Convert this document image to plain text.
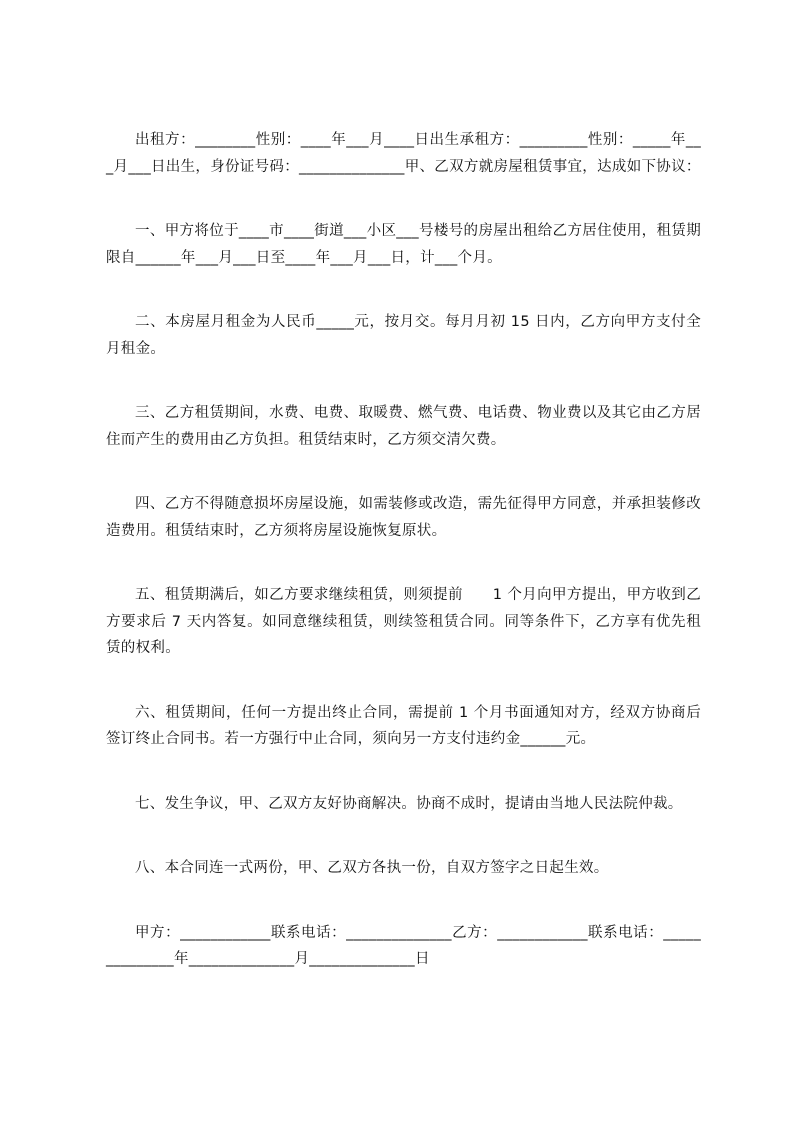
出租方：________性别：____年___月____日出生承租方：_________性别：_____年___月___日出生，身份证号码：______________甲、乙双方就房屋租赁事宜，达成如下协议：

一、甲方将位于____市____街道___小区___号楼号的房屋出租给乙方居住使用，租赁期限自______年___月___日至____年___月___日，计___个月。

二、本房屋月租金为人民币_____元，按月交。每月月初 15 日内，乙方向甲方支付全月租金。

三、乙方租赁期间，水费、电费、取暖费、燃气费、电话费、物业费以及其它由乙方居住而产生的费用由乙方负担。租赁结束时，乙方须交清欠费。

四、乙方不得随意损坏房屋设施，如需装修或改造，需先征得甲方同意，并承担装修改造费用。租赁结束时，乙方须将房屋设施恢复原状。

五、租赁期满后，如乙方要求继续租赁，则须提前　　1 个月向甲方提出，甲方收到乙方要求后 7 天内答复。如同意继续租赁，则续签租赁合同。同等条件下，乙方享有优先租赁的权利。

六、租赁期间，任何一方提出终止合同，需提前 1 个月书面通知对方，经双方协商后签订终止合同书。若一方强行中止合同，须向另一方支付违约金______元。

七、发生争议，甲、乙双方友好协商解决。协商不成时，提请由当地人民法院仲裁。

八、本合同连一式两份，甲、乙双方各执一份，自双方签字之日起生效。

甲方：____________联系电话：______________乙方：____________联系电话：______________年______________月______________日
